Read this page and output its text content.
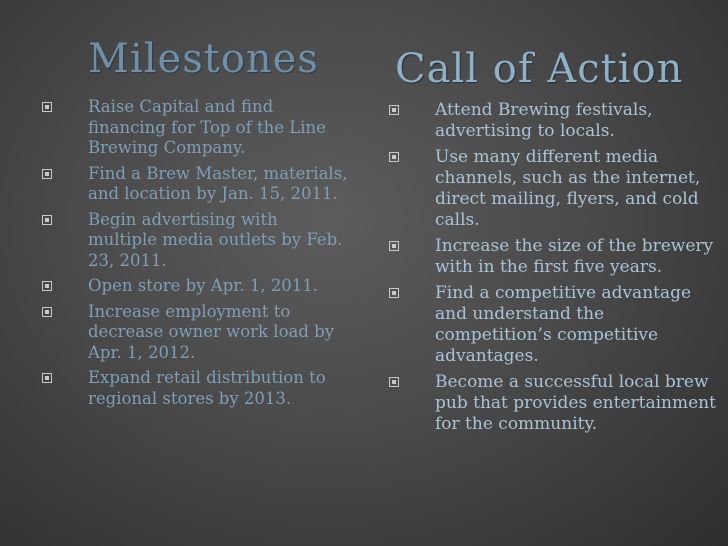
Milestones
Raise Capital and find financing for Top of the Line Brewing Company.
Find a Brew Master, materials, and location by Jan. 15, 2011.
Begin advertising with multiple media outlets by Feb. 23, 2011.
Open store by Apr. 1, 2011.
Increase employment to decrease owner work load by Apr. 1, 2012.
Expand retail distribution to regional stores by 2013.
Call of Action
Attend Brewing festivals, advertising to locals.
Use many different media channels, such as the internet, direct mailing, flyers, and cold calls.
Increase the size of the brewery with in the first five years.
Find a competitive advantage and understand the competition’s competitive advantages.
Become a successful local brew pub that provides entertainment for the community.
